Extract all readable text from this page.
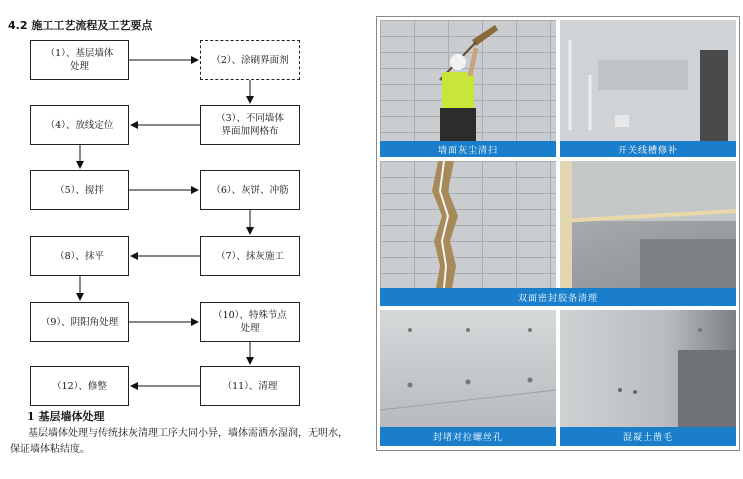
4.2 施工工艺流程及工艺要点
（1）、基层墙体
处理
（2）、涂刷界面剂
（3）、不同墙体
界面加网格布
（4）、放线定位
（5）、搅拌	（6）、灰饼、冲筋
（7）、抹灰施工
（8）、抹平
（9）、阴阳角处理
（10）、特殊节点
处理
（11）、清理
（12）、修整
1 基层墙体处理
基层墙体处理与传统抹灰清理工序大同小异，墙体需洒水湿润，无明水，保证墙体粘结度。
墙面灰尘清扫	开关线槽修补
双面密封胶条清理
封堵对拉螺丝孔	混凝土凿毛
